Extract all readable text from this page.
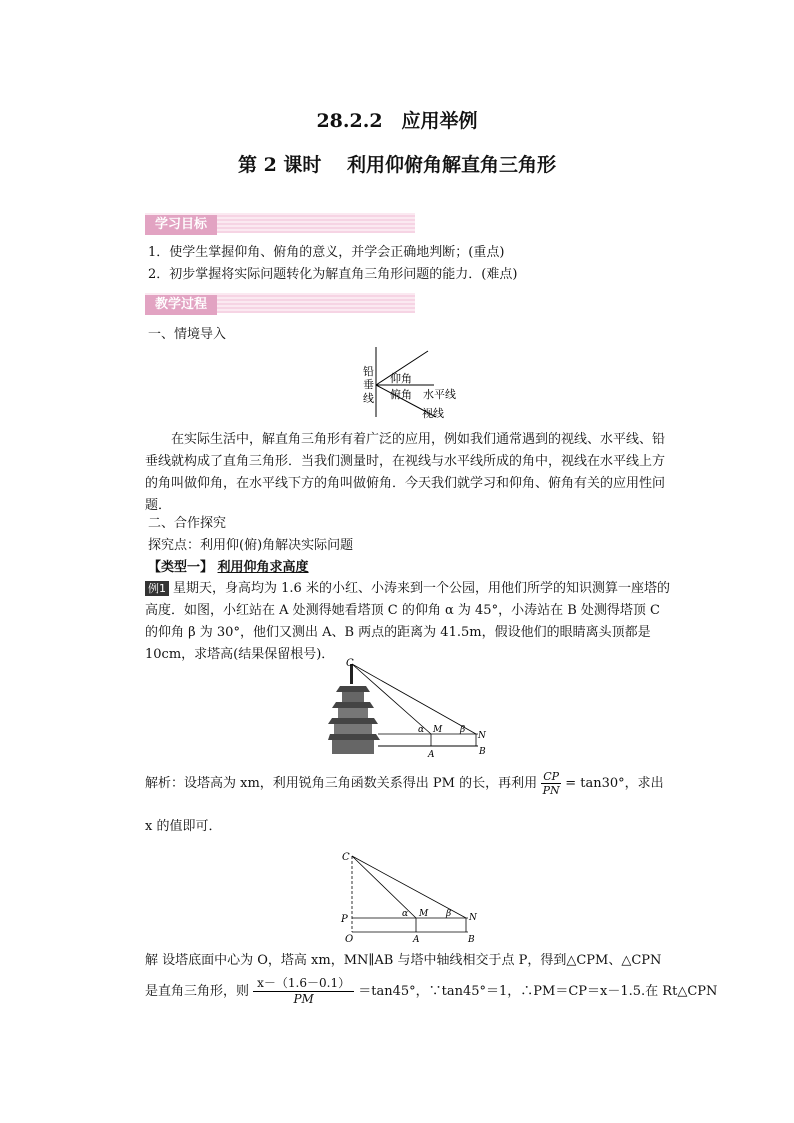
28.2.2　应用举例
第 2 课时　 利用仰俯角解直角三角形
学习目标
1．使学生掌握仰角、俯角的意义，并学会正确地判断；(重点)
2．初步掌握将实际问题转化为解直角三角形问题的能力．(难点)
教学过程
一、情境导入
铅
垂
线
仰角
俯角 水平线
视线
在实际生活中，解直角三角形有着广泛的应用，例如我们通常遇到的视线、水平线、铅垂线就构成了直角三角形．当我们测量时，在视线与水平线所成的角中，视线在水平线上方的角叫做仰角，在水平线下方的角叫做俯角．今天我们就学习和仰角、俯角有关的应用性问题．
二、合作探究
探究点：利用仰(俯)角解决实际问题
【类型一】 利用仰角求高度
例1 星期天，身高均为 1.6 米的小红、小涛来到一个公园，用他们所学的知识测算一座塔的高度．如图，小红站在 A 处测得她看塔顶 C 的仰角 α 为 45°，小涛站在 B 处测得塔顶 C 的仰角 β 为 30°，他们又测出 A、B 两点的距离为 41.5m，假设他们的眼睛离头顶都是 10cm，求塔高(结果保留根号)．
C
α M β
N
A	B
解析：设塔高为 xm，利用锐角三角函数关系得出 PM 的长，再利用 $\frac{CP}{PN} = \tan 30^\circ$，求出
x 的值即可．
C
P
O
α M β N
A	B
解 设塔底面中心为 O，塔高 xm，MN∥AB 与塔中轴线相交于点 P，得到△CPM、△CPN
是直角三角形，则 $\frac{x-(1.6-0.1)}{PM} =\tan 45^\circ$，∵tan45°＝1，∴PM＝CP＝x－1.5.在 Rt△CPN
